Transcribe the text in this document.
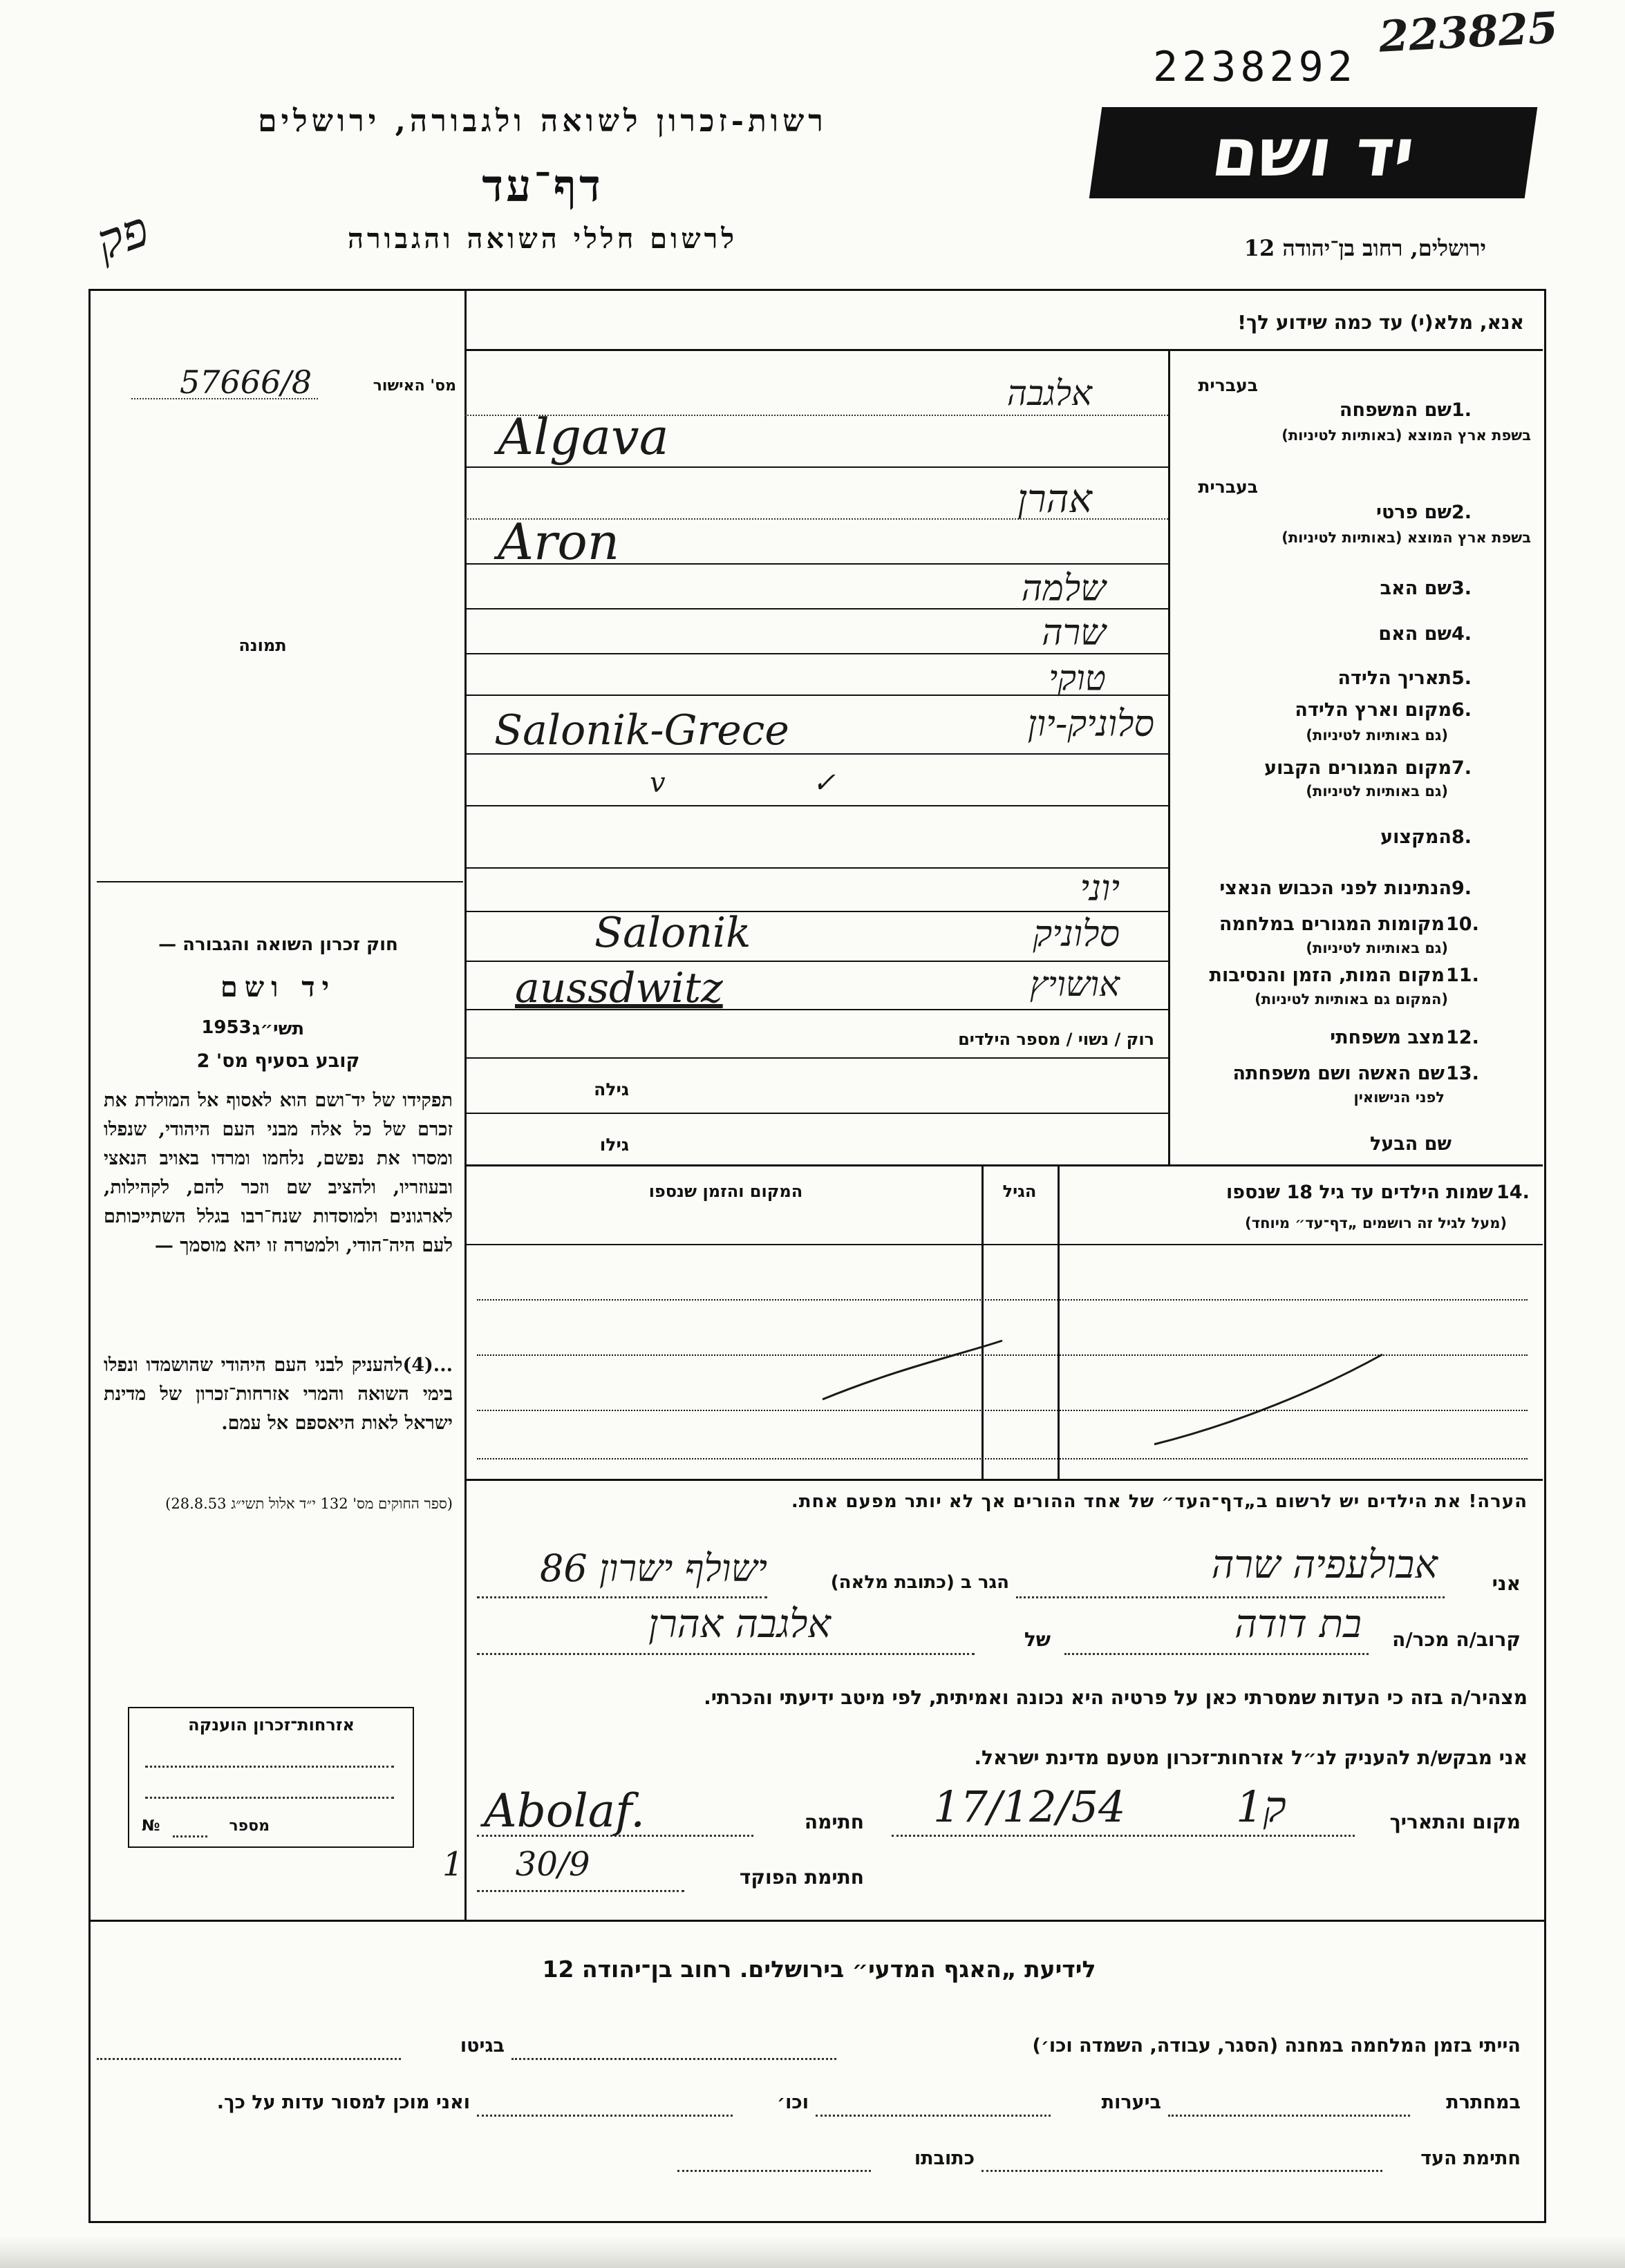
2238292
223825
רשות-זכרון לשואה ולגבורה, ירושלים
דף־עד
לרשום חללי השואה והגבורה
פק
יד ושם
ירושלים, רחוב בן־יהודה 12
מס' האישור
57666/8
תמונה
חוק זכרון השואה והגבורה —
יד ושם
תשי״ג
1953
קובע בסעיף מס' 2
תפקידו של יד־ושם הוא לאסוף אל המולדת את זכרם של כל אלה מבני העם היהודי, שנפלו ומסרו את נפשם, נלחמו ומרדו באויב הנאצי ובעוזריו, ולהציב שם וזכר להם, לקהילות, לארגונים ולמוסדות שנח־רבו בגלל השתייכותם לעם היה־הודי, ולמטרה זו יהא מוסמך —
...(4)להעניק לבני העם היהודי שהושמדו ונפלו בימי השואה והמרי אזרחות־זכרון של מדינת ישראל לאות היאספם אל עמם.
(ספר החוקים מס' 132 י״ד אלול תשי״ג 28.8.53)
אזרחות־זכרון הוענקה
№	מספר
אנא, מלא(י) עד כמה שידוע לך!
בעברית
1.
שם המשפחה
בשפת ארץ המוצא (באותיות לטיניות)
אלגבה
Algava
בעברית
2.
שם פרטי
בשפת ארץ המוצא (באותיות לטיניות)
אהרן
Aron
3.
שם האב
שלמה
4.
שם האם
שרה
5.
תאריך הלידה
טוקי
6.
מקום וארץ הלידה
(גם באותיות לטיניות)
סלוניק-יון
Salonik-Grece
7.
מקום המגורים הקבוע
(גם באותיות לטיניות)
v ✓
8.
המקצוע
9.
הנתינות לפני הכבוש הנאצי
יוני
10.
מקומות המגורים במלחמה
(גם באותיות לטיניות)
סלוניק
Salonik
11.
מקום המות, הזמן והנסיבות
(המקום גם באותיות לטיניות)
אושויץ
aussdwitz
12.
מצב משפחתי
רוק / נשוי / מספר הילדים
13.
שם האשה ושם משפחתה
לפני הנישואין
גילה
שם הבעל
גילו
14.
שמות הילדים עד גיל 18 שנספו
(מעל לגיל זה רושמים „דף־עד״ מיוחד)
הגיל
המקום והזמן שנספו
הערה! את הילדים יש לרשום ב„דף־העד״ של אחד ההורים אך לא יותר מפעם אחת.
אני
אבולעפיה שרה
הגר ב (כתובת מלאה)
ישולף ישרון 86
קרוב/ה מכר/ה
בת דודה
של
אלגבה אהרן
מצהיר/ה בזה כי העדות שמסרתי כאן על פרטיה היא נכונה ואמיתית, לפי מיטב ידיעתי והכרתי.
אני מבקש/ת להעניק לנ״ל אזרחות־זכרון מטעם מדינת ישראל.
מקום והתאריך
17/12/54 ק1
חתימה
Abolaf.
חתימת הפוקד
1 30/9
לידיעת „האגף המדעי״ בירושלים. רחוב בן־יהודה 12
הייתי בזמן המלחמה במחנה (הסגר, עבודה, השמדה וכו׳)
בגיטו
במחתרת
ביערות
וכו׳
ואני מוכן למסור עדות על כך.
חתימת העד
כתובתו
